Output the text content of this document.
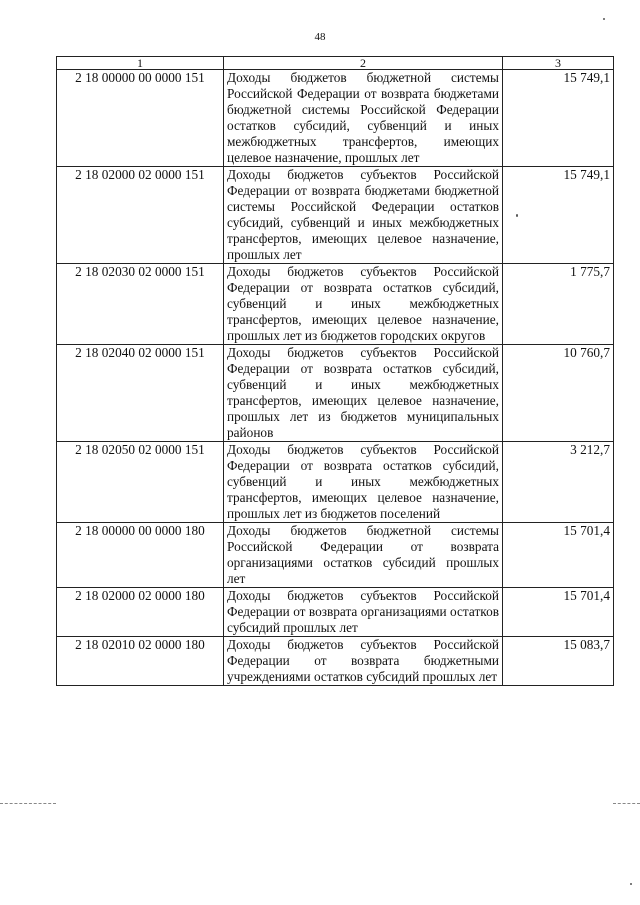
48
1	2	3
2 18 00000 00 0000 151	Доходы бюджетов бюджетной системы Российской Федерации от возврата бюджетами бюджетной системы Российской Федерации остатков субсидий, субвенций и иных межбюджетных трансфертов, имеющих целевое назначение, прошлых лет	15 749,1
2 18 02000 02 0000 151	Доходы бюджетов субъектов Российской Федерации от возврата бюджетами бюджетной системы Российской Федерации остатков субсидий, субвенций и иных межбюджетных трансфертов, имеющих целевое назначение, прошлых лет	15 749,1
2 18 02030 02 0000 151	Доходы бюджетов субъектов Российской Федерации от возврата остатков субсидий, субвенций и иных межбюджетных трансфертов, имеющих целевое назначение, прошлых лет из бюджетов городских округов	1 775,7
2 18 02040 02 0000 151	Доходы бюджетов субъектов Российской Федерации от возврата остатков субсидий, субвенций и иных межбюджетных трансфертов, имеющих целевое назначение, прошлых лет из бюджетов муниципальных районов	10 760,7
2 18 02050 02 0000 151	Доходы бюджетов субъектов Российской Федерации от возврата остатков субсидий, субвенций и иных межбюджетных трансфертов, имеющих целевое назначение, прошлых лет из бюджетов поселений	3 212,7
2 18 00000 00 0000 180	Доходы бюджетов бюджетной системы Российской Федерации от возврата организациями остатков субсидий прошлых лет	15 701,4
2 18 02000 02 0000 180	Доходы бюджетов субъектов Российской Федерации от возврата организациями остатков субсидий прошлых лет	15 701,4
2 18 02010 02 0000 180	Доходы бюджетов субъектов Российской Федерации от возврата бюджетными учреждениями остатков субсидий прошлых лет	15 083,7
